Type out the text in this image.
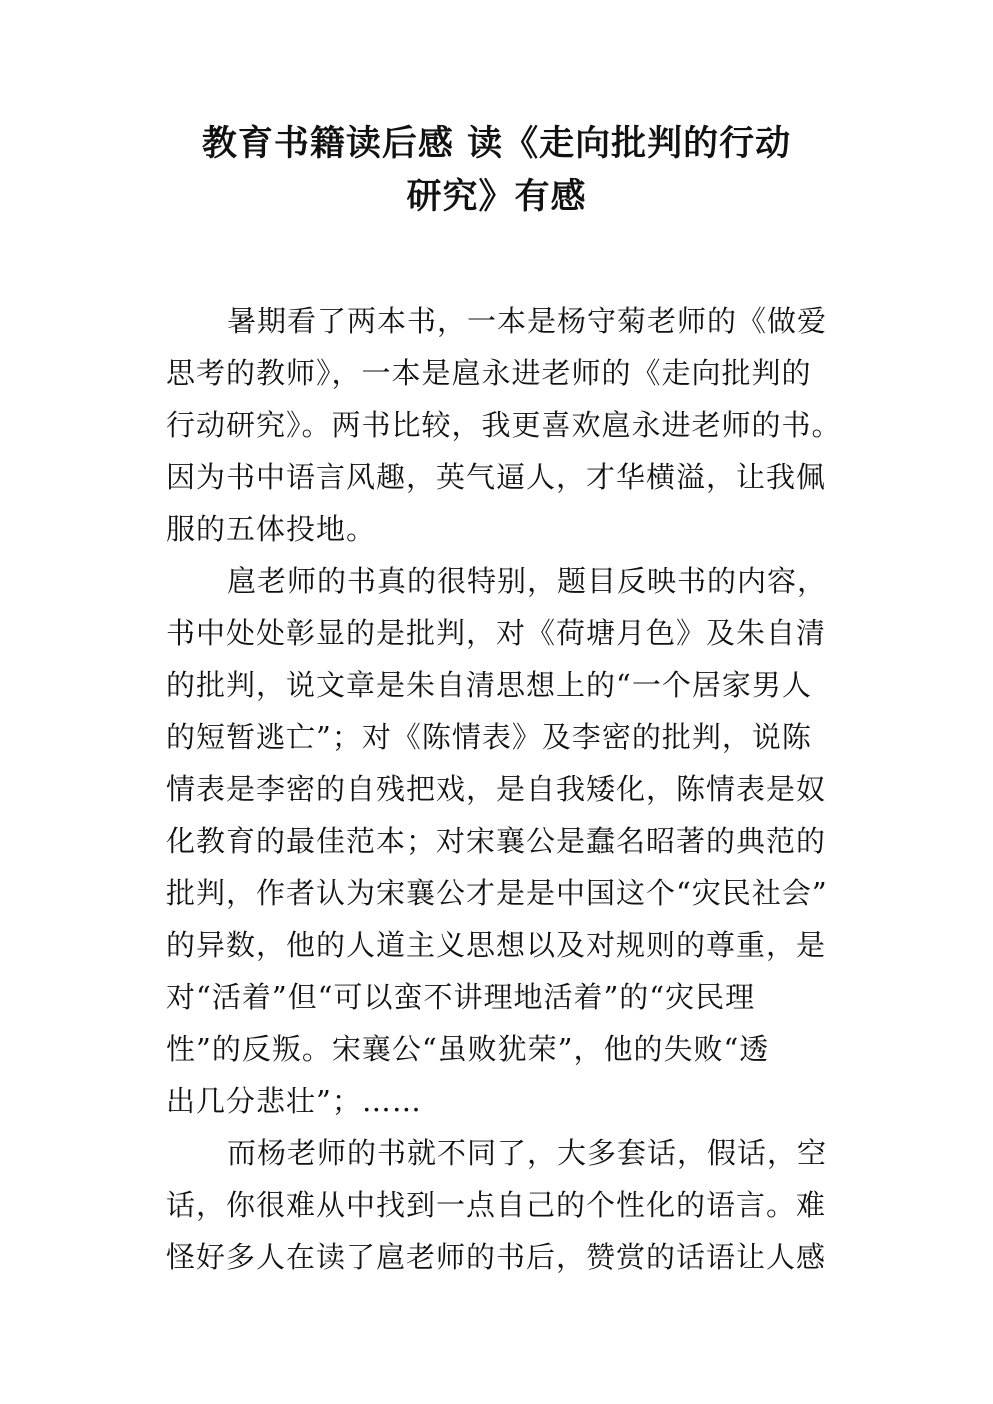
教育书籍读后感 读《走向批判的行动
研究》有感
暑期看了两本书，一本是杨守菊老师的《做爱
思考的教师》，一本是扈永进老师的《走向批判的
行动研究》。两书比较，我更喜欢扈永进老师的书。
因为书中语言风趣，英气逼人，才华横溢，让我佩
服的五体投地。
扈老师的书真的很特别，题目反映书的内容，
书中处处彰显的是批判，对《荷塘月色》及朱自清
的批判，说文章是朱自清思想上的“一个居家男人
的短暂逃亡”；对《陈情表》及李密的批判，说陈
情表是李密的自残把戏，是自我矮化，陈情表是奴
化教育的最佳范本；对宋襄公是蠢名昭著的典范的
批判，作者认为宋襄公才是是中国这个“灾民社会”
的异数，他的人道主义思想以及对规则的尊重，是
对“活着”但“可以蛮不讲理地活着”的“灾民理
性”的反叛。宋襄公“虽败犹荣”，他的失败“透
出几分悲壮”；……
而杨老师的书就不同了，大多套话，假话，空
话，你很难从中找到一点自己的个性化的语言。难
怪好多人在读了扈老师的书后，赞赏的话语让人感
